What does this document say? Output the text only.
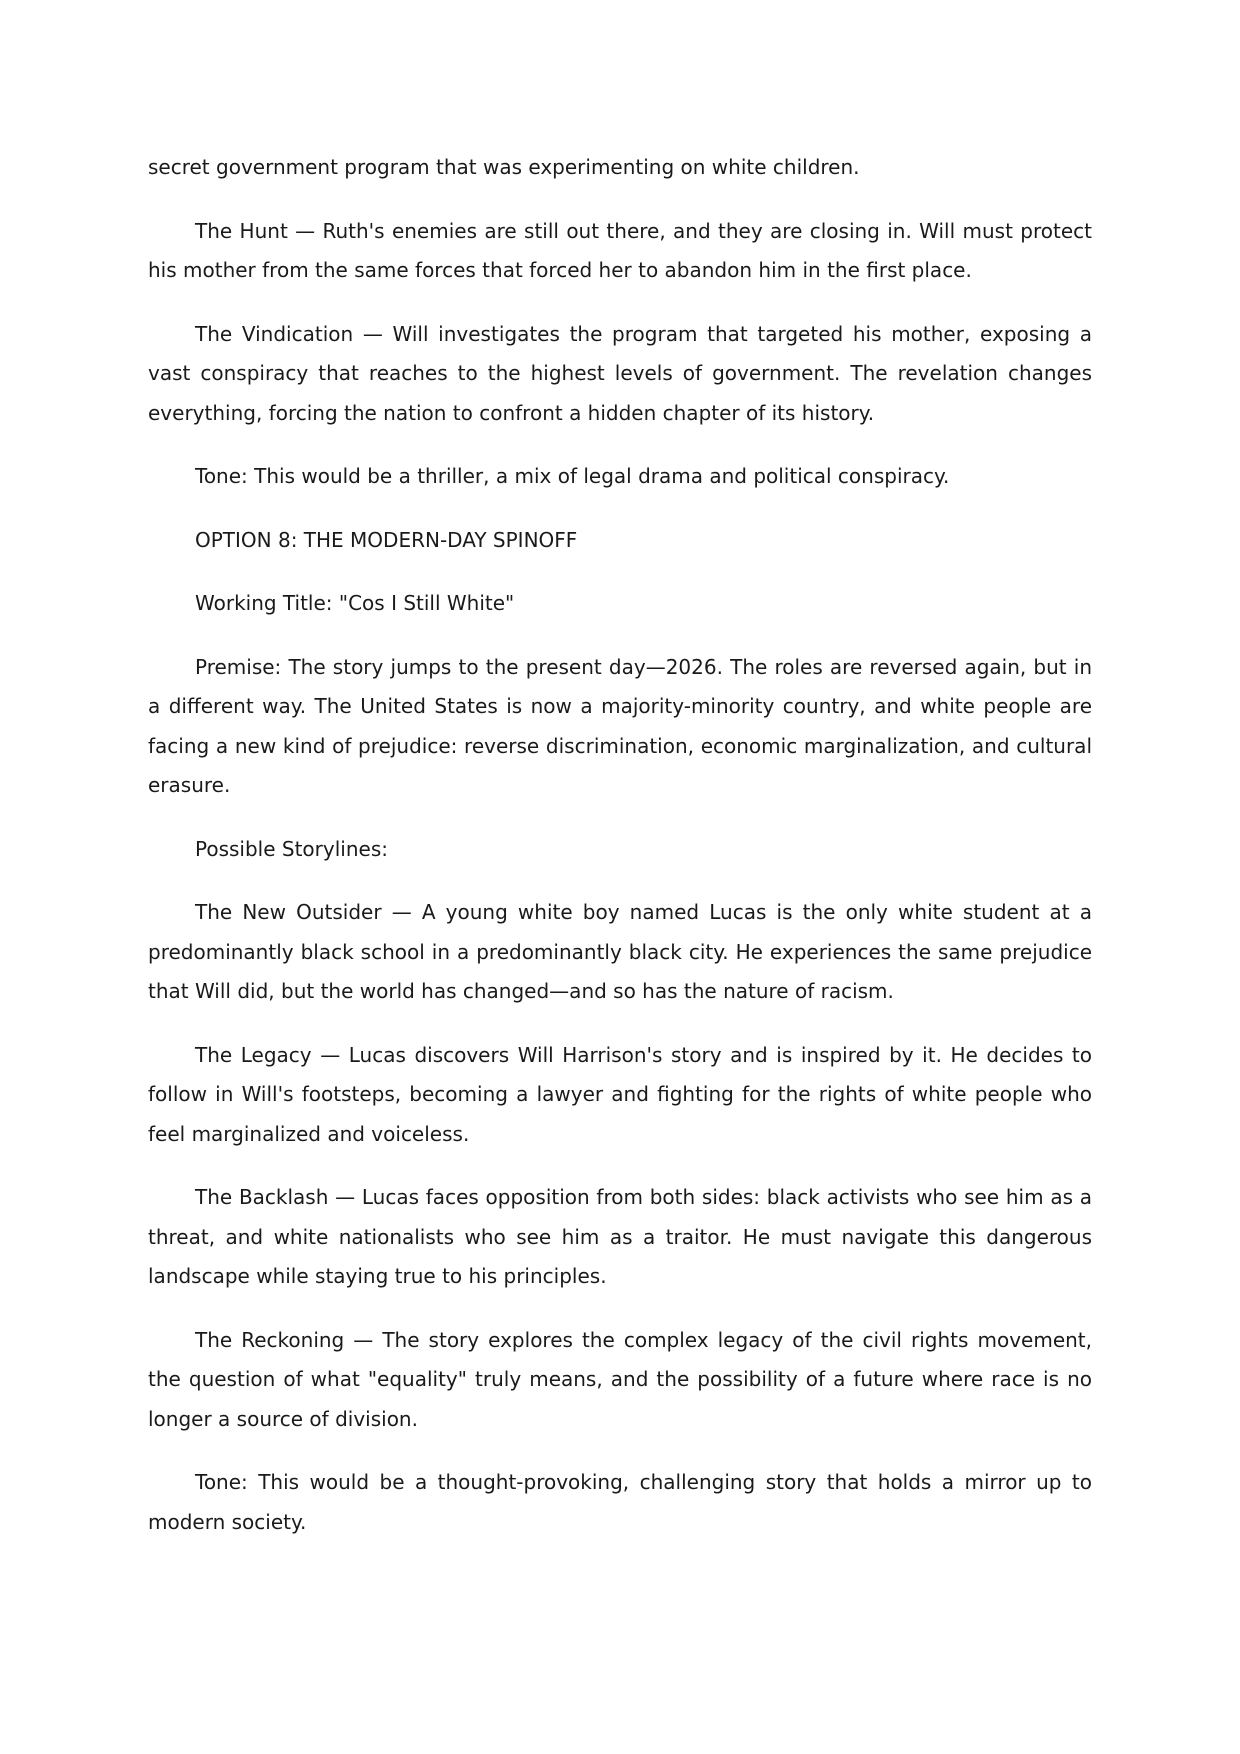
secret government program that was experimenting on white children.

The Hunt — Ruth's enemies are still out there, and they are closing in. Will must protect his mother from the same forces that forced her to abandon him in the first place.

The Vindication — Will investigates the program that targeted his mother, exposing a vast conspiracy that reaches to the highest levels of government. The revelation changes everything, forcing the nation to confront a hidden chapter of its history.

Tone: This would be a thriller, a mix of legal drama and political conspiracy.

OPTION 8: THE MODERN-DAY SPINOFF

Working Title: "Cos I Still White"

Premise: The story jumps to the present day—2026. The roles are reversed again, but in a different way. The United States is now a majority-minority country, and white people are facing a new kind of prejudice: reverse discrimination, economic marginalization, and cultural erasure.

Possible Storylines:

The New Outsider — A young white boy named Lucas is the only white student at a predominantly black school in a predominantly black city. He experiences the same prejudice that Will did, but the world has changed—and so has the nature of racism.

The Legacy — Lucas discovers Will Harrison's story and is inspired by it. He decides to follow in Will's footsteps, becoming a lawyer and fighting for the rights of white people who feel marginalized and voiceless.

The Backlash — Lucas faces opposition from both sides: black activists who see him as a threat, and white nationalists who see him as a traitor. He must navigate this dangerous landscape while staying true to his principles.

The Reckoning — The story explores the complex legacy of the civil rights movement, the question of what "equality" truly means, and the possibility of a future where race is no longer a source of division.

Tone: This would be a thought-provoking, challenging story that holds a mirror up to modern society.
